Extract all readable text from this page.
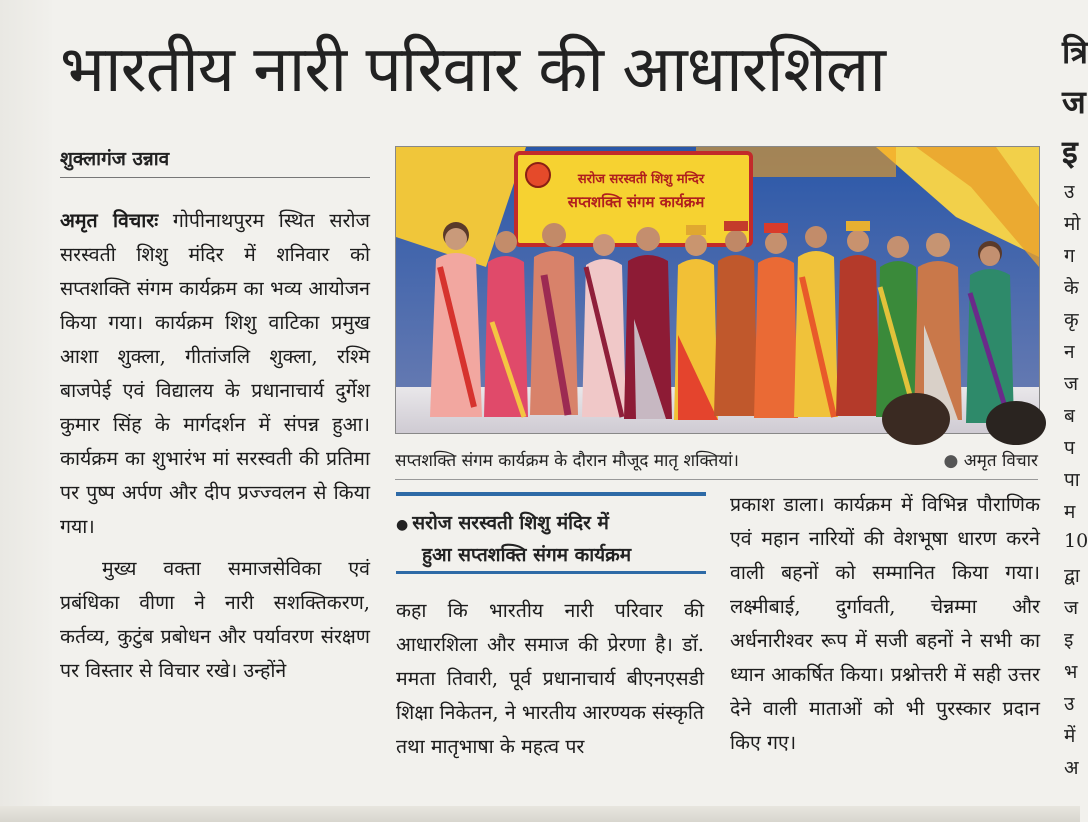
भारतीय नारी परिवार की आधारशिला
शुक्लागंज उन्नाव

अमृत विचारः गोपीनाथपुरम स्थित सरोज सरस्वती शिशु मंदिर में शनिवार को सप्तशक्ति संगम कार्यक्रम का भव्य आयोजन किया गया। कार्यक्रम शिशु वाटिका प्रमुख आशा शुक्ला, गीतांजलि शुक्ला, रश्मि बाजपेई एवं विद्यालय के प्रधानाचार्य दुर्गेश कुमार सिंह के मार्गदर्शन में संपन्न हुआ। कार्यक्रम का शुभारंभ मां सरस्वती की प्रतिमा पर पुष्प अर्पण और दीप प्रज्ज्वलन से किया गया।

मुख्य वक्ता समाजसेविका एवं प्रबंधिका वीणा ने नारी सशक्तिकरण, कर्तव्य, कुटुंब प्रबोधन और पर्यावरण संरक्षण पर विस्तार से विचार रखे। उन्होंने

सरोज सरस्वती शिशु मन्दिर
सप्तशक्ति संगम कार्यक्रम
सप्तशक्ति संगम कार्यक्रम के दौरान मौजूद मातृ शक्तियां।
●	अमृत विचार
● सरोज सरस्वती शिशु मंदिर में
हुआ सप्तशक्ति संगम कार्यक्रम

कहा कि भारतीय नारी परिवार की आधारशिला और समाज की प्रेरणा है। डॉ. ममता तिवारी, पूर्व प्रधानाचार्य बीएनएसडी शिक्षा निकेतन, ने भारतीय आरण्यक संस्कृति तथा मातृभाषा के महत्व पर

प्रकाश डाला। कार्यक्रम में विभिन्न पौराणिक एवं महान नारियों की वेशभूषा धारण करने वाली बहनों को सम्मानित किया गया। लक्ष्मीबाई, दुर्गावती, चेन्नम्मा और अर्धनारीश्वर रूप में सजी बहनों ने सभी का ध्यान आकर्षित किया। प्रश्नोत्तरी में सही उत्तर देने वाली माताओं को भी पुरस्कार प्रदान किए गए।

त्रि
ज
इ
उ
मो
ग
के
कृ
न
ज
ब
प
पा
म
10
द्वा
ज
इ
भ
उ
में
अ
